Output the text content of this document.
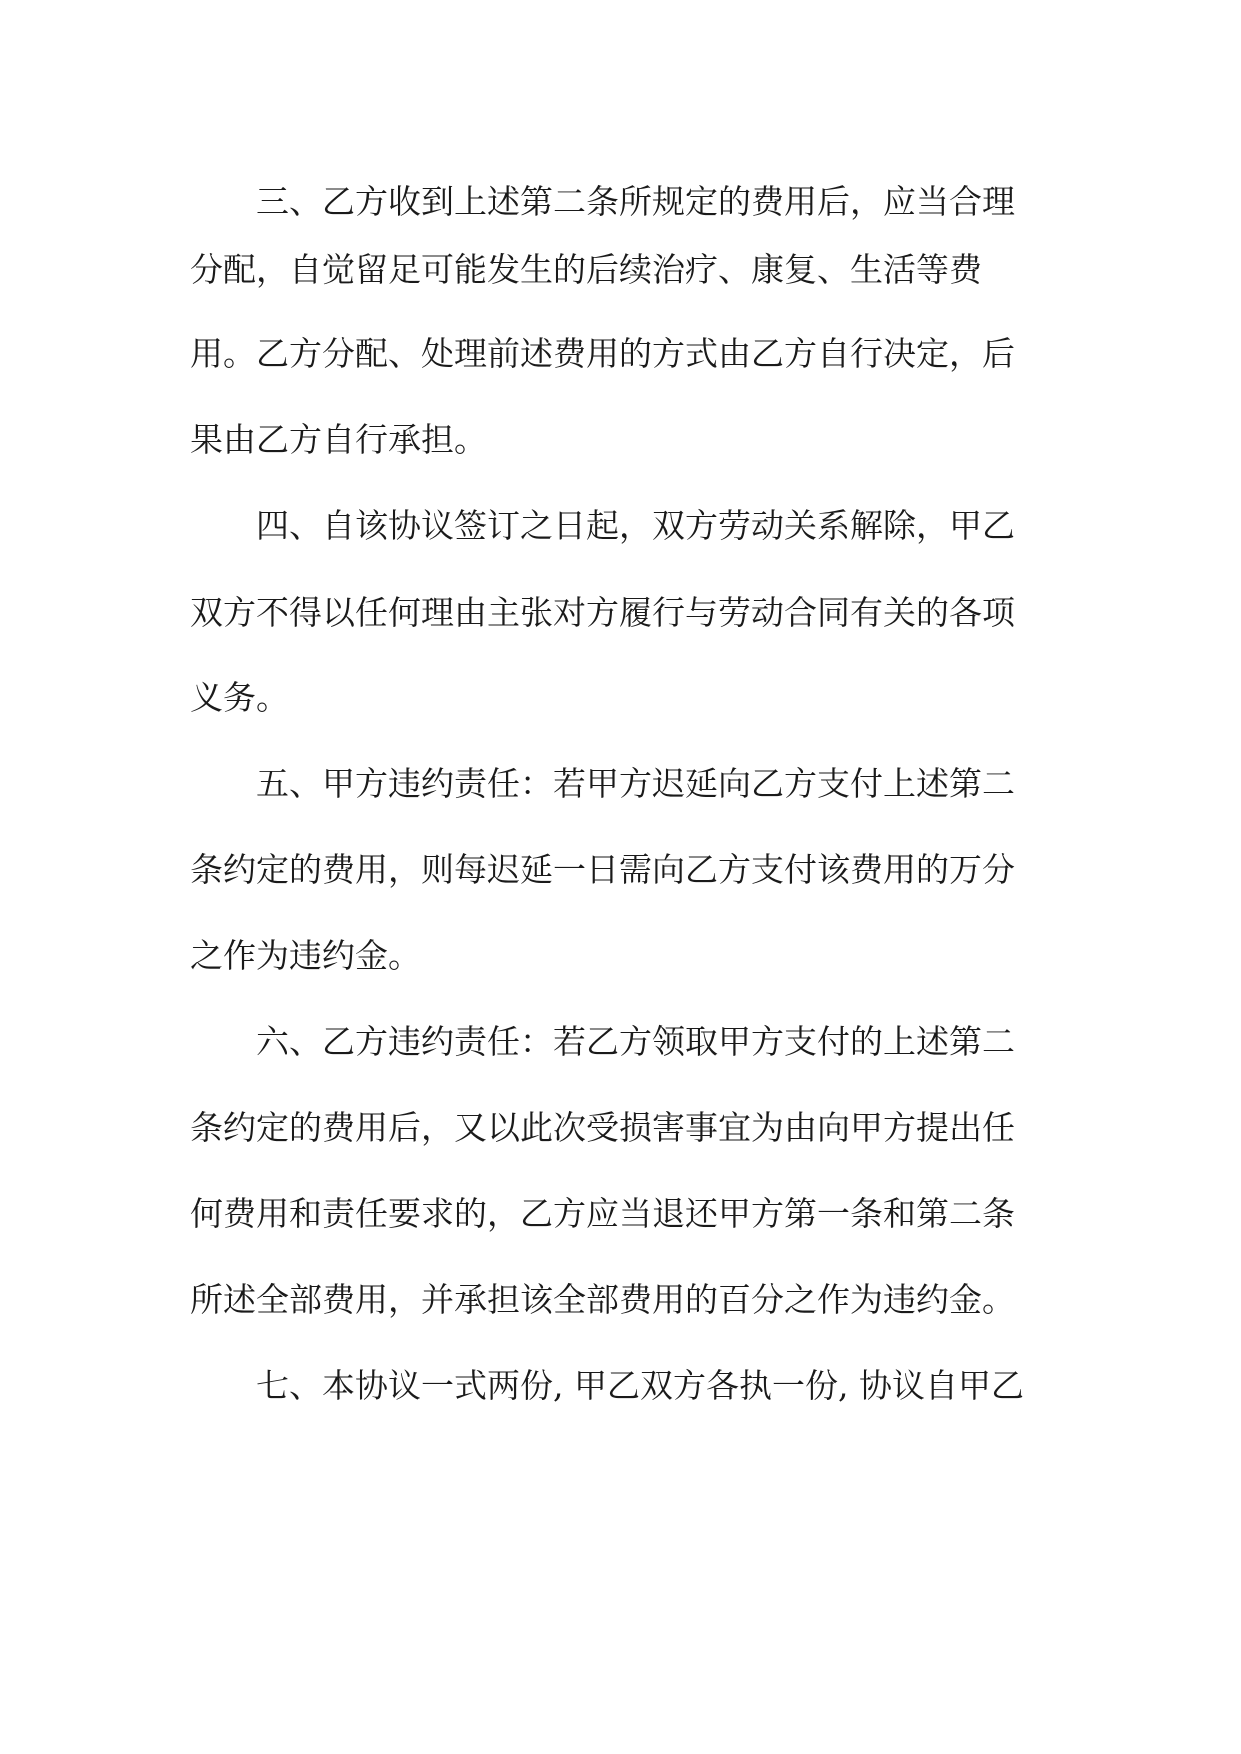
三、乙方收到上述第二条所规定的费用后，应当合理
分配，自觉留足可能发生的后续治疗、康复、生活等费
用。乙方分配、处理前述费用的方式由乙方自行决定，后
果由乙方自行承担。
四、自该协议签订之日起，双方劳动关系解除，甲乙
双方不得以任何理由主张对方履行与劳动合同有关的各项
义务。
五、甲方违约责任：若甲方迟延向乙方支付上述第二
条约定的费用，则每迟延一日需向乙方支付该费用的万分
之作为违约金。
六、乙方违约责任：若乙方领取甲方支付的上述第二
条约定的费用后，又以此次受损害事宜为由向甲方提出任
何费用和责任要求的，乙方应当退还甲方第一条和第二条
所述全部费用，并承担该全部费用的百分之作为违约金。
七、本协议一式两份, 甲乙双方各执一份, 协议自甲乙
